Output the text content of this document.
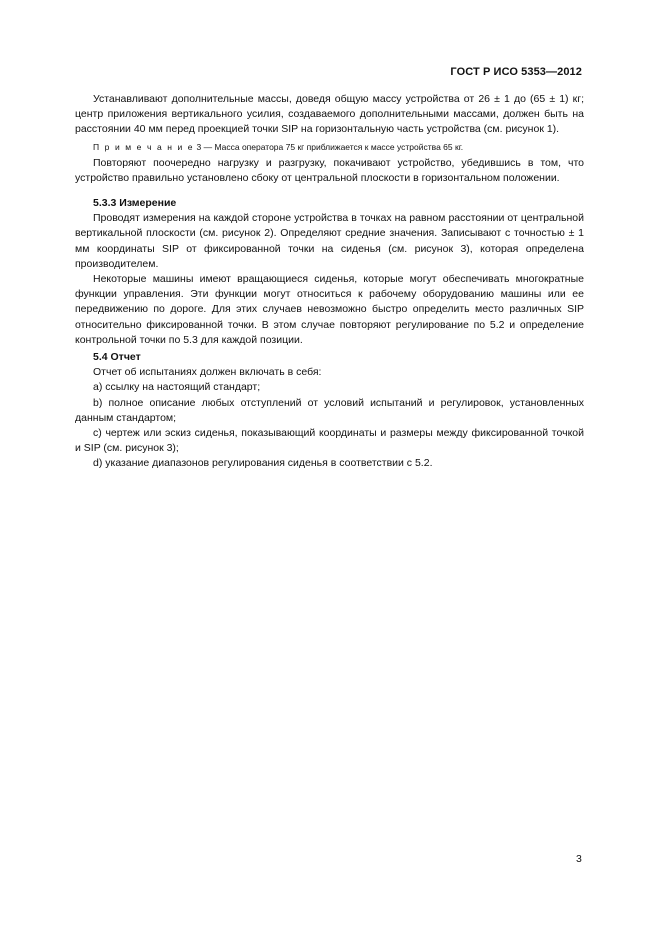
ГОСТ Р ИСО 5353—2012

Устанавливают дополнительные массы, доведя общую массу устройства от 26 ± 1 до (65 ± 1) кг; центр приложения вертикального усилия, создаваемого дополнительными массами, должен быть на расстоянии 40 мм перед проекцией точки SIP на горизонтальную часть устройства (см. рисунок 1).

П р и м е ч а н и е 3 — Масса оператора 75 кг приближается к массе устройства 65 кг.

Повторяют поочередно нагрузку и разгрузку, покачивают устройство, убедившись в том, что устройство правильно установлено сбоку от центральной плоскости в горизонтальном положении.

5.3.3 Измерение

Проводят измерения на каждой стороне устройства в точках на равном расстоянии от центральной вертикальной плоскости (см. рисунок 2). Определяют средние значения. Записывают с точностью ± 1 мм координаты SIP от фиксированной точки на сиденья (см. рисунок 3), которая определена производителем.

Некоторые машины имеют вращающиеся сиденья, которые могут обеспечивать многократные функции управления. Эти функции могут относиться к рабочему оборудованию машины или ее передвижению по дороге. Для этих случаев невозможно быстро определить место различных SIP относительно фиксированной точки. В этом случае повторяют регулирование по 5.2 и определение контрольной точки по 5.3 для каждой позиции.

5.4 Отчет

Отчет об испытаниях должен включать в себя:

а) ссылку на настоящий стандарт;

b) полное описание любых отступлений от условий испытаний и регулировок, установленных данным стандартом;

с) чертеж или эскиз сиденья, показывающий координаты и размеры между фиксированной точкой и SIP (см. рисунок 3);

d) указание диапазонов регулирования сиденья в соответствии с 5.2.

3
